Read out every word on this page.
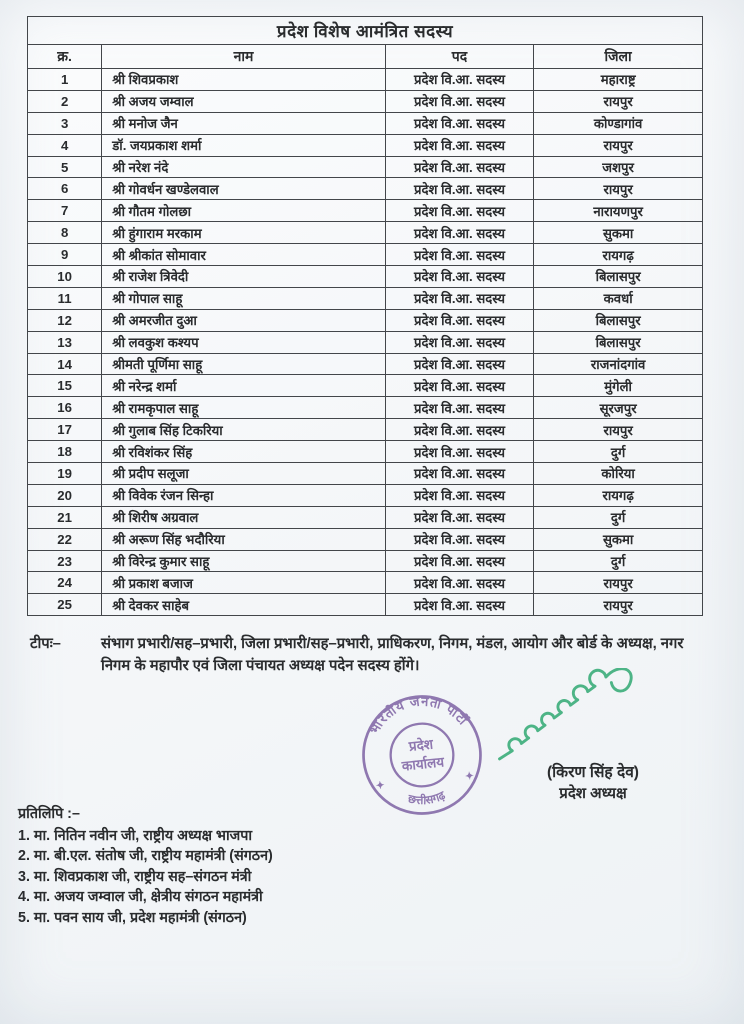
प्रदेश विशेष आमंत्रित सदस्य			
क्र.	नाम	पद	जिला
1	श्री शिवप्रकाश	प्रदेश वि.आ. सदस्य	महाराष्ट्र
2	श्री अजय जम्वाल	प्रदेश वि.आ. सदस्य	रायपुर
3	श्री मनोज जैन	प्रदेश वि.आ. सदस्य	कोण्डागांव
4	डॉ. जयप्रकाश शर्मा	प्रदेश वि.आ. सदस्य	रायपुर
5	श्री नरेश नंदे	प्रदेश वि.आ. सदस्य	जशपुर
6	श्री गोवर्धन खण्डेलवाल	प्रदेश वि.आ. सदस्य	रायपुर
7	श्री गौतम गोलछा	प्रदेश वि.आ. सदस्य	नारायणपुर
8	श्री हुंगाराम मरकाम	प्रदेश वि.आ. सदस्य	सुकमा
9	श्री श्रीकांत सोमावार	प्रदेश वि.आ. सदस्य	रायगढ़
10	श्री राजेश त्रिवेदी	प्रदेश वि.आ. सदस्य	बिलासपुर
11	श्री गोपाल साहू	प्रदेश वि.आ. सदस्य	कवर्धा
12	श्री अमरजीत दुआ	प्रदेश वि.आ. सदस्य	बिलासपुर
13	श्री लवकुश कश्यप	प्रदेश वि.आ. सदस्य	बिलासपुर
14	श्रीमती पूर्णिमा साहू	प्रदेश वि.आ. सदस्य	राजनांदगांव
15	श्री नरेन्द्र शर्मा	प्रदेश वि.आ. सदस्य	मुंगेली
16	श्री रामकृपाल साहू	प्रदेश वि.आ. सदस्य	सूरजपुर
17	श्री गुलाब सिंह टिकरिया	प्रदेश वि.आ. सदस्य	रायपुर
18	श्री रविशंकर सिंह	प्रदेश वि.आ. सदस्य	दुर्ग
19	श्री प्रदीप सलूजा	प्रदेश वि.आ. सदस्य	कोरिया
20	श्री विवेक रंजन सिन्हा	प्रदेश वि.आ. सदस्य	रायगढ़
21	श्री शिरीष अग्रवाल	प्रदेश वि.आ. सदस्य	दुर्ग
22	श्री अरूण सिंह भदौरिया	प्रदेश वि.आ. सदस्य	सुकमा
23	श्री विरेन्द्र कुमार साहू	प्रदेश वि.आ. सदस्य	दुर्ग
24	श्री प्रकाश बजाज	प्रदेश वि.आ. सदस्य	रायपुर
25	श्री देवकर साहेब	प्रदेश वि.आ. सदस्य	रायपुर
टीपः–	संभाग प्रभारी/सह–प्रभारी, जिला प्रभारी/सह–प्रभारी, प्राधिकरण, निगम, मंडल, आयोग और बोर्ड के अध्यक्ष, नगर निगम के महापौर एवं जिला पंचायत अध्यक्ष पदेन सदस्य होंगे।
भारतीय जनता पार्टी
छत्तीसगढ़
प्रदेश
कार्यालय
✦
✦	(किरण सिंह देव)
प्रदेश अध्यक्ष
प्रतिलिपि :–
1. मा. नितिन नवीन जी, राष्ट्रीय अध्यक्ष भाजपा
2. मा. बी.एल. संतोष जी, राष्ट्रीय महामंत्री (संगठन)
3. मा. शिवप्रकाश जी, राष्ट्रीय सह–संगठन मंत्री
4. मा. अजय जम्वाल जी, क्षेत्रीय संगठन महामंत्री
5. मा. पवन साय जी, प्रदेश महामंत्री (संगठन)
